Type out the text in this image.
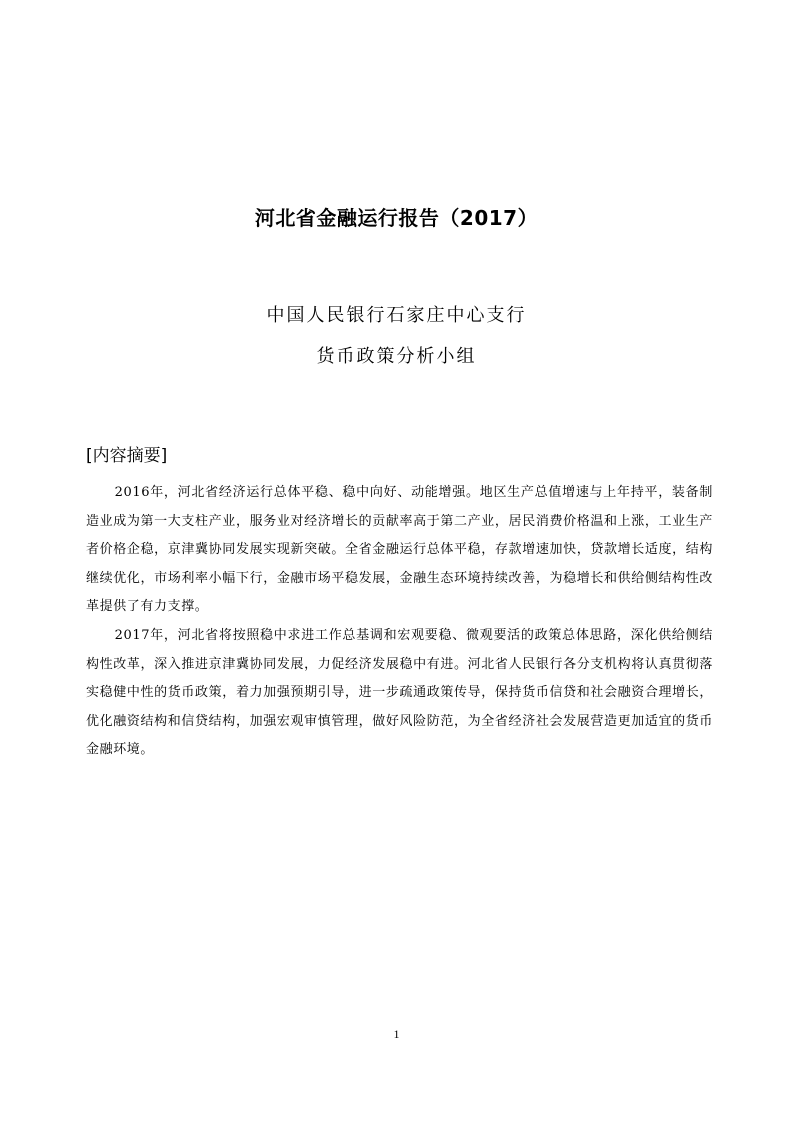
河北省金融运行报告（2017）
中国人民银行石家庄中心支行
货币政策分析小组
[内容摘要]

2016年，河北省经济运行总体平稳、稳中向好、动能增强。地区生产总值增速与上年持平，装备制造业成为第一大支柱产业，服务业对经济增长的贡献率高于第二产业，居民消费价格温和上涨，工业生产者价格企稳，京津冀协同发展实现新突破。全省金融运行总体平稳，存款增速加快，贷款增长适度，结构继续优化，市场利率小幅下行，金融市场平稳发展，金融生态环境持续改善，为稳增长和供给侧结构性改革提供了有力支撑。

2017年，河北省将按照稳中求进工作总基调和宏观要稳、微观要活的政策总体思路，深化供给侧结构性改革，深入推进京津冀协同发展，力促经济发展稳中有进。河北省人民银行各分支机构将认真贯彻落实稳健中性的货币政策，着力加强预期引导，进一步疏通政策传导，保持货币信贷和社会融资合理增长，优化融资结构和信贷结构，加强宏观审慎管理，做好风险防范，为全省经济社会发展营造更加适宜的货币金融环境。

1
